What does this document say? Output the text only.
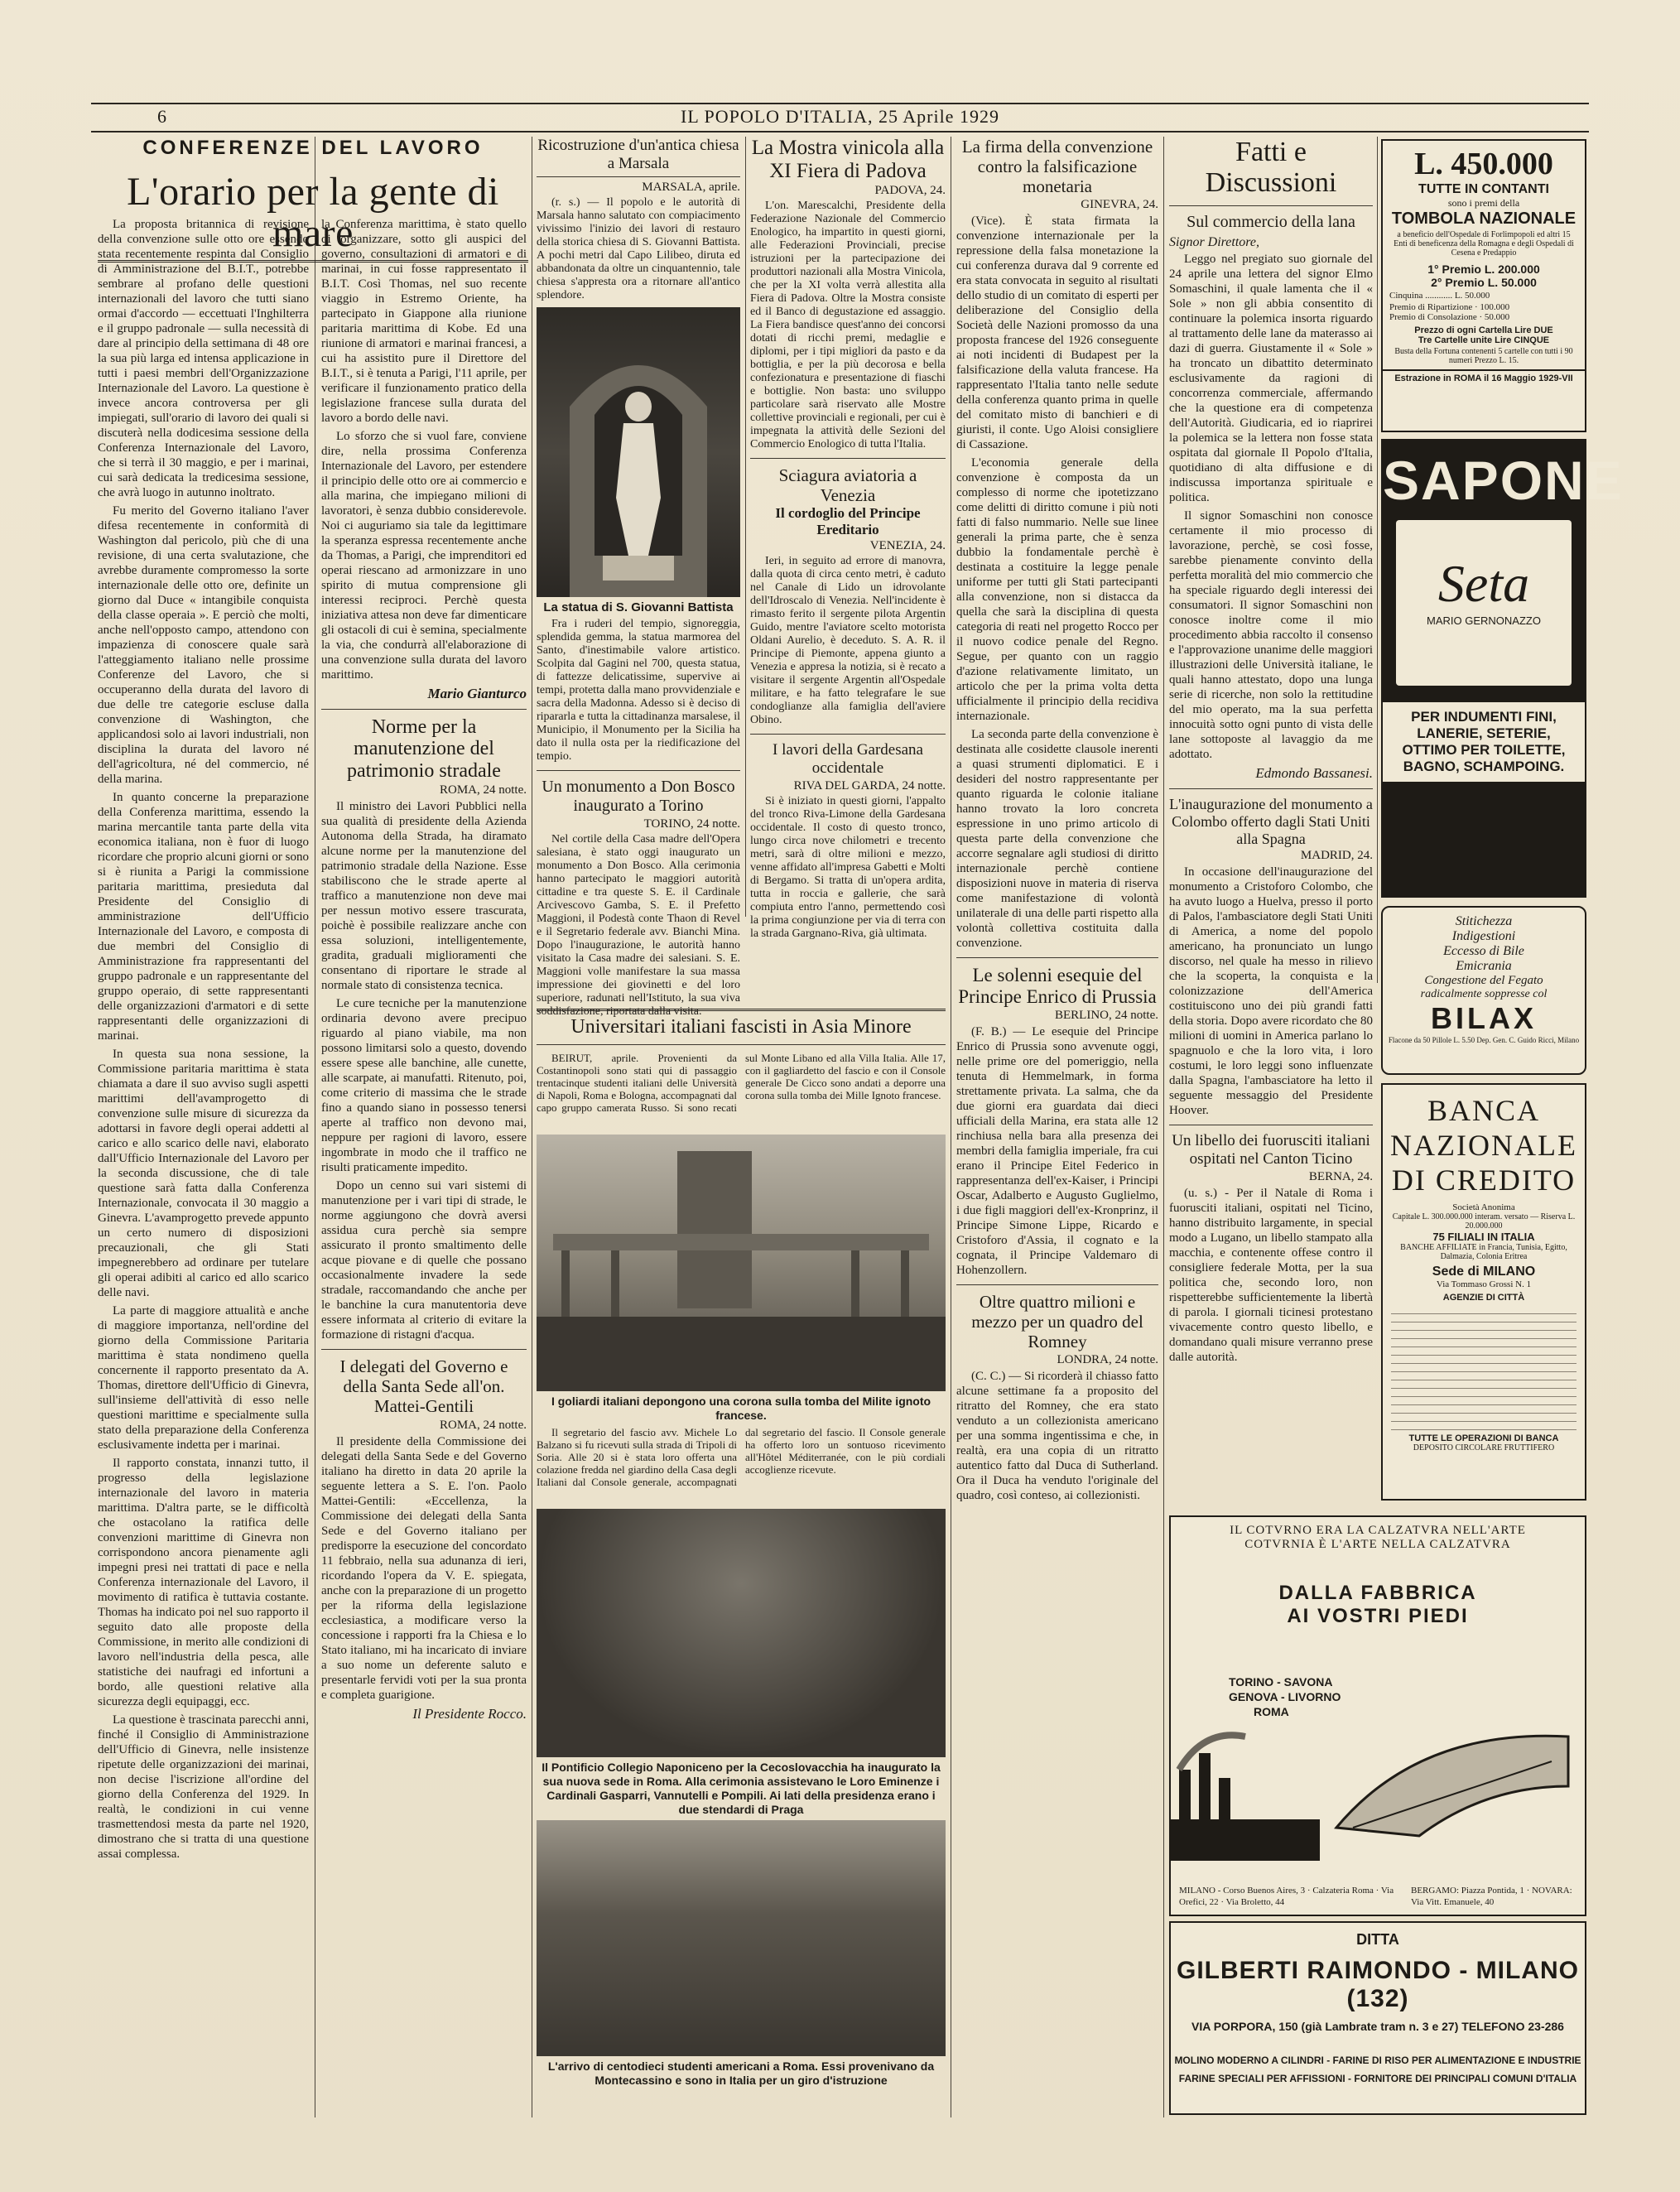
6	IL POPOLO D'ITALIA, 25 Aprile 1929
CONFERENZE DEL LAVORO
L'orario per la gente di mare

La proposta britannica di revisione della convenzione sulle otto ore essendo stata recentemente respinta dal Consiglio di Amministrazione del B.I.T., potrebbe sembrare al profano delle questioni internazionali del lavoro che tutti siano ormai d'accordo — eccettuati l'Inghilterra e il gruppo padronale — sulla necessità di dare al principio della settimana di 48 ore la sua più larga ed intensa applicazione in tutti i paesi membri dell'Organizzazione Internazionale del Lavoro. La questione è invece ancora controversa per gli impiegati, sull'orario di lavoro dei quali si discuterà nella dodicesima sessione della Conferenza Internazionale del Lavoro, che si terrà il 30 maggio, e per i marinai, cui sarà dedicata la tredicesima sessione, che avrà luogo in autunno inoltrato.

Fu merito del Governo italiano l'aver difesa recentemente in conformità di Washington dal pericolo, più che di una revisione, di una certa svalutazione, che avrebbe duramente compromesso la sorte internazionale delle otto ore, definite un giorno dal Duce « intangibile conquista della classe operaia ». E perciò che molti, anche nell'opposto campo, attendono con impazienza di conoscere quale sarà l'atteggiamento italiano nelle prossime Conferenze del Lavoro, che si occuperanno della durata del lavoro di due delle tre categorie escluse dalla convenzione di Washington, che applicandosi solo ai lavori industriali, non disciplina la durata del lavoro né dell'agricoltura, né del commercio, né della marina.

In quanto concerne la preparazione della Conferenza marittima, essendo la marina mercantile tanta parte della vita economica italiana, non è fuor di luogo ricordare che proprio alcuni giorni or sono si è riunita a Parigi la commissione paritaria marittima, presieduta dal Presidente del Consiglio di amministrazione dell'Ufficio Internazionale del Lavoro, e composta di due membri del Consiglio di Amministrazione fra rappresentanti del gruppo padronale e un rappresentante del gruppo operaio, di sette rappresentanti delle organizzazioni d'armatori e di sette rappresentanti delle organizzazioni di marinai.

In questa sua nona sessione, la Commissione paritaria marittima è stata chiamata a dare il suo avviso sugli aspetti marittimi dell'avamprogetto di convenzione sulle misure di sicurezza da adottarsi in favore degli operai addetti al carico e allo scarico delle navi, elaborato dall'Ufficio Internazionale del Lavoro per la seconda discussione, che di tale questione sarà fatta dalla Conferenza Internazionale, convocata il 30 maggio a Ginevra. L'avamprogetto prevede appunto un certo numero di disposizioni precauzionali, che gli Stati impegnerebbero ad ordinare per tutelare gli operai adibiti al carico ed allo scarico delle navi.

La parte di maggiore attualità e anche di maggiore importanza, nell'ordine del giorno della Commissione Paritaria marittima è stata nondimeno quella concernente il rapporto presentato da A. Thomas, direttore dell'Ufficio di Ginevra, sull'insieme dell'attività di esso nelle questioni marittime e specialmente sulla stato della preparazione della Conferenza esclusivamente indetta per i marinai.

Il rapporto constata, innanzi tutto, il progresso della legislazione internazionale del lavoro in materia marittima. D'altra parte, se le difficoltà che ostacolano la ratifica delle convenzioni marittime di Ginevra non corrispondono ancora pienamente agli impegni presi nei trattati di pace e nella Conferenza internazionale del Lavoro, il movimento di ratifica è tuttavia costante. Thomas ha indicato poi nel suo rapporto il seguito dato alle proposte della Commissione, in merito alle condizioni di lavoro nell'industria della pesca, alle statistiche dei naufragi ed infortuni a bordo, alle questioni relative alla sicurezza degli equipaggi, ecc.

La questione è trascinata parecchi anni, finché il Consiglio di Amministrazione dell'Ufficio di Ginevra, nelle insistenze ripetute delle organizzazioni dei marinai, non decise l'iscrizione all'ordine del giorno della Conferenza del 1929. In realtà, le condizioni in cui venne trasmettendosi mesta da parte nel 1920, dimostrano che si tratta di una questione assai complessa.

la Conferenza marittima, è stato quello di organizzare, sotto gli auspici del governo, consultazioni di armatori e di marinai, in cui fosse rappresentato il B.I.T. Così Thomas, nel suo recente viaggio in Estremo Oriente, ha partecipato in Giappone alla riunione paritaria marittima di Kobe. Ed una riunione di armatori e marinai francesi, a cui ha assistito pure il Direttore del B.I.T., si è tenuta a Parigi, l'11 aprile, per verificare il funzionamento pratico della legislazione francese sulla durata del lavoro a bordo delle navi.

Lo sforzo che si vuol fare, conviene dire, nella prossima Conferenza Internazionale del Lavoro, per estendere il principio delle otto ore ai commercio e alla marina, che impiegano milioni di lavoratori, è senza dubbio considerevole. Noi ci auguriamo sia tale da legittimare la speranza espressa recentemente anche da Thomas, a Parigi, che imprenditori ed operai riescano ad armonizzare in uno spirito di mutua comprensione gli interessi reciproci. Perchè questa iniziativa attesa non deve far dimenticare gli ostacoli di cui è semina, specialmente la via, che condurrà all'elaborazione di una convenzione sulla durata del lavoro marittimo.

Mario Gianturco
Norme per la manutenzione del patrimonio stradale
ROMA, 24 notte.

Il ministro dei Lavori Pubblici nella sua qualità di presidente della Azienda Autonoma della Strada, ha diramato alcune norme per la manutenzione del patrimonio stradale della Nazione. Esse stabiliscono che le strade aperte al traffico a manutenzione non deve mai per nessun motivo essere trascurata, poichè è possibile realizzare anche con essa soluzioni, intelligentemente, gradita, graduali miglioramenti che consentano di riportare le strade al normale stato di consistenza tecnica.

Le cure tecniche per la manutenzione ordinaria devono avere precipuo riguardo al piano viabile, ma non possono limitarsi solo a questo, dovendo essere spese alle banchine, alle cunette, alle scarpate, ai manufatti. Ritenuto, poi, come criterio di massima che le strade fino a quando siano in possesso tenersi aperte al traffico non devono mai, neppure per ragioni di lavoro, essere ingombrate in modo che il traffico ne risulti praticamente impedito.

Dopo un cenno sui vari sistemi di manutenzione per i vari tipi di strade, le norme aggiungono che dovrà aversi assidua cura perchè sia sempre assicurato il pronto smaltimento delle acque piovane e di quelle che possano occasionalmente invadere la sede stradale, raccomandando che anche per le banchine la cura manutentoria deve essere informata al criterio di evitare la formazione di ristagni d'acqua.

I delegati del Governo e della Santa Sede all'on. Mattei-Gentili
ROMA, 24 notte.

Il presidente della Commissione dei delegati della Santa Sede e del Governo italiano ha diretto in data 20 aprile la seguente lettera a S. E. l'on. Paolo Mattei-Gentili: «Eccellenza, la Commissione dei delegati della Santa Sede e del Governo italiano per predisporre la esecuzione del concordato 11 febbraio, nella sua adunanza di ieri, ricordando l'opera da V. E. spiegata, anche con la preparazione di un progetto per la riforma della legislazione ecclesiastica, a modificare verso la concessione i rapporti fra la Chiesa e lo Stato italiano, mi ha incaricato di inviare a suo nome un deferente saluto e presentarle fervidi voti per la sua pronta e completa guarigione.

Il Presidente Rocco.
Ricostruzione d'un'antica chiesa a Marsala
MARSALA, aprile.

(r. s.) — Il popolo e le autorità di Marsala hanno salutato con compiacimento vivissimo l'inizio dei lavori di restauro della storica chiesa di S. Giovanni Battista. A pochi metri dal Capo Lilibeo, diruta ed abbandonata da oltre un cinquantennio, tale chiesa s'appresta ora a ritornare all'antico splendore.

La statua di S. Giovanni Battista

Fra i ruderi del tempio, signoreggia, splendida gemma, la statua marmorea del Santo, d'inestimabile valore artistico. Scolpita dal Gagini nel 700, questa statua, di fattezze delicatissime, supervive ai tempi, protetta dalla mano provvidenziale e sacra della Madonna. Adesso si è deciso di ripararla e tutta la cittadinanza marsalese, il Municipio, il Monumento per la Sicilia ha dato il nulla osta per la riedificazione del tempio.

Un monumento a Don Bosco inaugurato a Torino
TORINO, 24 notte.

Nel cortile della Casa madre dell'Opera salesiana, è stato oggi inaugurato un monumento a Don Bosco. Alla cerimonia hanno partecipato le maggiori autorità cittadine e tra queste S. E. il Cardinale Arcivescovo Gamba, S. E. il Prefetto Maggioni, il Podestà conte Thaon di Revel e il Segretario federale avv. Bianchi Mina. Dopo l'inaugurazione, le autorità hanno visitato la Casa madre dei salesiani. S. E. Maggioni volle manifestare la sua massa impressione dei giovinetti e del loro superiore, radunati nell'Istituto, la sua viva soddisfazione, riportata dalla visita.

La Mostra vinicola alla XI Fiera di Padova
PADOVA, 24.

L'on. Marescalchi, Presidente della Federazione Nazionale del Commercio Enologico, ha impartito in questi giorni, alle Federazioni Provinciali, precise istruzioni per la partecipazione dei produttori nazionali alla Mostra Vinicola, che per la XI volta verrà allestita alla Fiera di Padova. Oltre la Mostra consiste ed il Banco di degustazione ed assaggio. La Fiera bandisce quest'anno dei concorsi dotati di ricchi premi, medaglie e diplomi, per i tipi migliori da pasto e da bottiglia, e per la più decorosa e bella confezionatura e presentazione di fiaschi e bottiglie. Non basta: uno sviluppo particolare sarà riservato alle Mostre collettive provinciali e regionali, per cui è impegnata la attività delle Sezioni del Commercio Enologico di tutta l'Italia.

Sciagura aviatoria a Venezia
Il cordoglio del Principe Ereditario
VENEZIA, 24.

Ieri, in seguito ad errore di manovra, dalla quota di circa cento metri, è caduto nel Canale di Lido un idrovolante dell'Idroscalo di Venezia. Nell'incidente è rimasto ferito il sergente pilota Argentin Guido, mentre l'aviatore scelto motorista Oldani Aurelio, è deceduto. S. A. R. il Principe di Piemonte, appena giunto a Venezia e appresa la notizia, si è recato a visitare il sergente Argentin all'Ospedale militare, e ha fatto telegrafare le sue condoglianze alla famiglia dell'aviere Obino.

I lavori della Gardesana occidentale
RIVA DEL GARDA, 24 notte.

Si è iniziato in questi giorni, l'appalto del tronco Riva-Limone della Gardesana occidentale. Il costo di questo tronco, lungo circa nove chilometri e trecento metri, sarà di oltre milioni e mezzo, venne affidato all'impresa Gabetti e Molti di Bergamo. Si tratta di un'opera ardita, tutta in roccia e gallerie, che sarà compiuta entro l'anno, permettendo così la prima congiunzione per via di terra con la strada Gargnano-Riva, già ultimata.

Universitari italiani fascisti in Asia Minore

BEIRUT, aprile. Provenienti da Costantinopoli sono stati qui di passaggio trentacinque studenti italiani delle Università di Napoli, Roma e Bologna, accompagnati dal capo gruppo camerata Russo. Si sono recati sul Monte Libano ed alla Villa Italia. Alle 17, con il gagliardetto del fascio e con il Console generale De Cicco sono andati a deporre una corona sulla tomba dei Mille Ignoto francese.

I goliardi italiani depongono una corona sulla tomba del Milite ignoto francese.

Il segretario del fascio avv. Michele Lo Balzano si fu ricevuti sulla strada di Tripoli di Soria. Alle 20 si è stata loro offerta una colazione fredda nel giardino della Casa degli Italiani dal Console generale, accompagnati dal segretario del fascio. Il Console generale ha offerto loro un sontuoso ricevimento all'Hôtel Méditerranée, con le più cordiali accoglienze ricevute.

Il Pontificio Collegio Naponiceno per la Cecoslovacchia ha inaugurato la sua nuova sede in Roma. Alla cerimonia assistevano le Loro Eminenze i Cardinali Gasparri, Vannutelli e Pompili. Ai lati della presidenza erano i due stendardi di Praga
L'arrivo di centodieci studenti americani a Roma. Essi provenivano da Montecassino e sono in Italia per un giro d'istruzione
La firma della convenzione contro la falsificazione monetaria
GINEVRA, 24.

(Vice). È stata firmata la convenzione internazionale per la repressione della falsa monetazione la cui conferenza durava dal 9 corrente ed era stata convocata in seguito al risultati dello studio di un comitato di esperti per deliberazione del Consiglio della Società delle Nazioni promosso da una proposta francese del 1926 conseguente ai noti incidenti di Budapest per la falsificazione della valuta francese. Ha rappresentato l'Italia tanto nelle sedute della conferenza quanto prima in quelle del comitato misto di banchieri e di giuristi, il conte. Ugo Aloisi consigliere di Cassazione.

L'economia generale della convenzione è composta da un complesso di norme che ipotetizzano come delitti di diritto comune i più noti fatti di falso nummario. Nelle sue linee generali la prima parte, che è senza dubbio la fondamentale perchè è destinata a costituire la legge penale uniforme per tutti gli Stati partecipanti alla convenzione, non si distacca da quella che sarà la disciplina di questa categoria di reati nel progetto Rocco per il nuovo codice penale del Regno. Segue, per quanto con un raggio d'azione relativamente limitato, un articolo che per la prima volta detta ufficialmente il principio della recidiva internazionale.

La seconda parte della convenzione è destinata alle cosidette clausole inerenti a quasi strumenti diplomatici. E i desideri del nostro rappresentante per quanto riguarda le colonie italiane hanno trovato la loro concreta espressione in uno primo articolo di questa parte della convenzione che accorre segnalare agli studiosi di diritto internazionale perchè contiene disposizioni nuove in materia di riserva come manifestazione di volontà unilaterale di una delle parti rispetto alla volontà collettiva costituita dalla convenzione.

Le solenni esequie del Principe Enrico di Prussia
BERLINO, 24 notte.

(F. B.) — Le esequie del Principe Enrico di Prussia sono avvenute oggi, nelle prime ore del pomeriggio, nella tenuta di Hemmelmark, in forma strettamente privata. La salma, che da due giorni era guardata dai dieci ufficiali della Marina, era stata alle 12 rinchiusa nella bara alla presenza dei membri della famiglia imperiale, fra cui erano il Principe Eitel Federico in rappresentanza dell'ex-Kaiser, i Principi Oscar, Adalberto e Augusto Guglielmo, i due figli maggiori dell'ex-Kronprinz, il Principe Simone Lippe, Ricardo e Cristoforo d'Assia, il cognato e la cognata, il Principe Valdemaro di Hohenzollern.

Oltre quattro milioni e mezzo per un quadro del Romney
LONDRA, 24 notte.

(C. C.) — Si ricorderà il chiasso fatto alcune settimane fa a proposito del ritratto del Romney, che era stato venduto a un collezionista americano per una somma ingentissima e che, in realtà, era una copia di un ritratto autentico fatto dal Duca di Sutherland. Ora il Duca ha venduto l'originale del quadro, così conteso, ai collezionisti.

Fatti e Discussioni
Sul commercio della lana
Signor Direttore,

Leggo nel pregiato suo giornale del 24 aprile una lettera del signor Elmo Somaschini, il quale lamenta che il « Sole » non gli abbia consentito di continuare la polemica insorta riguardo al trattamento delle lane da materasso ai dazi di guerra. Giustamente il « Sole » ha troncato un dibattito determinato esclusivamente da ragioni di concorrenza commerciale, affermando che la questione era di competenza dell'Autorità. Giudicaria, ed io riaprirei la polemica se la lettera non fosse stata ospitata dal giornale Il Popolo d'Italia, quotidiano di alta diffusione e di indiscussa importanza spirituale e politica.

Il signor Somaschini non conosce certamente il mio processo di lavorazione, perchè, se così fosse, sarebbe pienamente convinto della perfetta moralità del mio commercio che ha speciale riguardo degli interessi dei consumatori. Il signor Somaschini non conosce inoltre come il mio procedimento abbia raccolto il consenso e l'approvazione unanime delle maggiori illustrazioni delle Università italiane, le quali hanno attestato, dopo una lunga serie di ricerche, non solo la rettitudine del mio operato, ma la sua perfetta innocuità sotto ogni punto di vista delle lane sottoposte al lavaggio da me adottato.

Edmondo Bassanesi.
L'inaugurazione del monumento a Colombo offerto dagli Stati Uniti alla Spagna
MADRID, 24.

In occasione dell'inaugurazione del monumento a Cristoforo Colombo, che ha avuto luogo a Huelva, presso il porto di Palos, l'ambasciatore degli Stati Uniti di America, a nome del popolo americano, ha pronunciato un lungo discorso, nel quale ha messo in rilievo che la scoperta, la conquista e la colonizzazione dell'America costituiscono uno dei più grandi fatti della storia. Dopo avere ricordato che 80 milioni di uomini in America parlano lo spagnuolo e che la loro vita, i loro costumi, le loro leggi sono influenzate dalla Spagna, l'ambasciatore ha letto il seguente messaggio del Presidente Hoover.

Un libello dei fuorusciti italiani ospitati nel Canton Ticino
BERNA, 24.

(u. s.) - Per il Natale di Roma i fuorusciti italiani, ospitati nel Ticino, hanno distribuito largamente, in special modo a Lugano, un libello stampato alla macchia, e contenente offese contro il consigliere federale Motta, per la sua politica che, secondo loro, non rispetterebbe sufficientemente la libertà di parola. I giornali ticinesi protestano vivacemente contro questo libello, e domandano quali misure verranno prese dalle autorità.

L. 450.000
TUTTE IN CONTANTI
sono i premi della
TOMBOLA NAZIONALE
a beneficio dell'Ospedale di Forlimpopoli ed altri 15 Enti di beneficenza della Romagna e degli Ospedali di Cesena e Predappio
1° Premio L. 200.000
2° Premio L. 50.000
Cinquina ............ L. 50.000
Premio di Ripartizione · 100.000
Premio di Consolazione · 50.000
Prezzo di ogni Cartella Lire DUE
Tre Cartelle unite Lire CINQUE
Busta della Fortuna contenenti 5 cartelle con tutti i 90 numeri Prezzo L. 15.
Estrazione in ROMA il 16 Maggio 1929-VII
SAPONE
Seta
MARIO GERNONAZZO
PER INDUMENTI FINI,
LANERIE, SETERIE,
OTTIMO PER TOILETTE,
BAGNO, SCHAMPOING.
Stitichezza
Indigestioni
Eccesso di Bile
Emicrania
Congestione del Fegato
radicalmente soppresse col
BILAX
Flacone da 50 Pillole L. 5.50 Dep. Gen. C. Guido Ricci, Milano
BANCA
NAZIONALE
DI CREDITO
Società Anonima
Capitale L. 300.000.000 interam. versato — Riserva L. 20.000.000
75 FILIALI IN ITALIA
BANCHE AFFILIATE in Francia, Tunisia, Egitto, Dalmazia, Colonia Eritrea
Sede di MILANO
Via Tommaso Grossi N. 1
AGENZIE DI CITTÀ
TUTTE LE OPERAZIONI DI BANCA
DEPOSITO CIRCOLARE FRUTTIFERO
IL COTVRNO ERA LA CALZATVRA NELL'ARTE
COTVRNIA È L'ARTE NELLA CALZATVRA
DALLA FABBRICA
AI VOSTRI PIEDI
TORINO - SAVONA
GENOVA - LIVORNO
ROMA
MILANO - Corso Buenos Aires, 3 · Calzateria Roma · Via Orefici, 22 · Via Broletto, 44
BERGAMO: Piazza Pontida, 1 · NOVARA: Via Vitt. Emanuele, 40
DITTA
GILBERTI RAIMONDO - MILANO (132)
VIA PORPORA, 150 (già Lambrate tram n. 3 e 27) TELEFONO 23-286
MOLINO MODERNO A CILINDRI - FARINE DI RISO PER ALIMENTAZIONE E INDUSTRIE
FARINE SPECIALI PER AFFISSIONI - FORNITORE DEI PRINCIPALI COMUNI D'ITALIA
